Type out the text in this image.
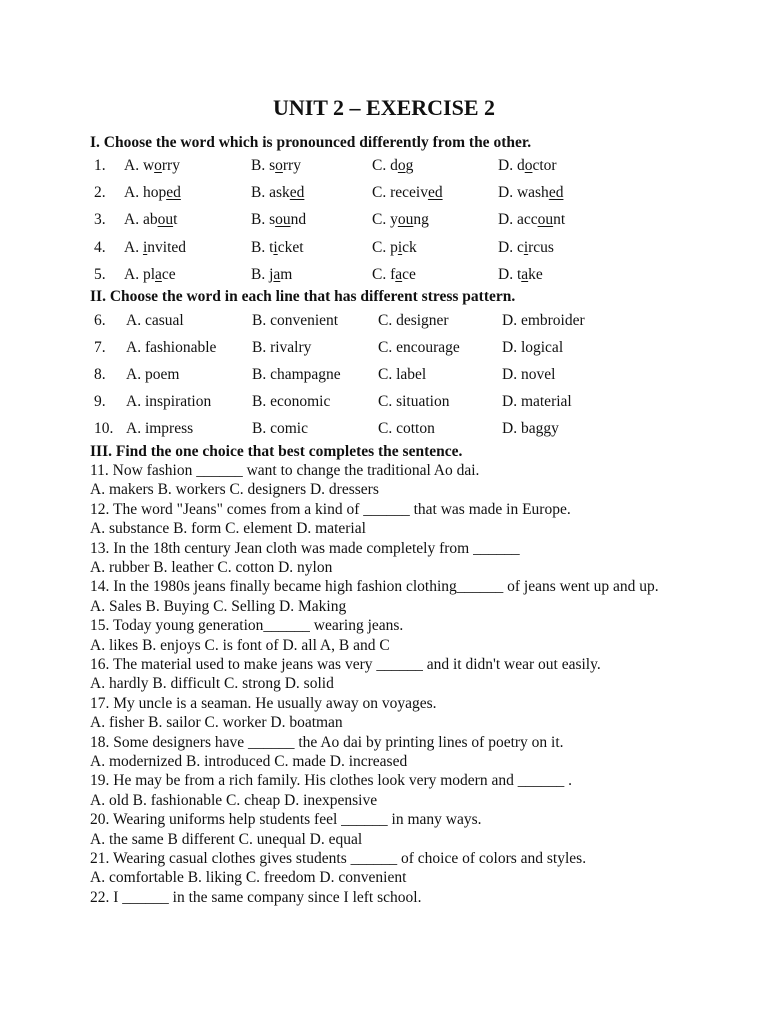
UNIT 2 – EXERCISE 2
I. Choose the word which is pronounced differently from the other.
1. A. worry	B. sorry	C. dog	D. doctor
2. A. hoped	B. asked	C. received	D. washed
3. A. about	B. sound	C. young	D. account
4. A. invited	B. ticket	C. pick	D. circus
5. A. place	B. jam	C. face	D. take
II. Choose the word in each line that has different stress pattern.
6. A. casual	B. convenient	C. designer	D. embroider
7. A. fashionable B. rivalry	C. encourage	D. logical
8. A. poem	B. champagne C. label	D. novel
9. A. inspiration	B. economic	C. situation	D. material
10. A. impress	B. comic	C. cotton	D. baggy
III. Find the one choice that best completes the sentence.
11. Now fashion ______ want to change the traditional Ao dai.
A. makers B. workers C. designers D. dressers
12. The word "Jeans" comes from a kind of ______ that was made in Europe.
A. substance B. form C. element D. material
13. In the 18th century Jean cloth was made completely from ______
A. rubber B. leather C. cotton D. nylon
14. In the 1980s jeans finally became high fashion clothing______ of jeans went up and up.
A. Sales B. Buying C. Selling D. Making
15. Today young generation______ wearing jeans.
A. likes B. enjoys C. is font of D. all A, B and C
16. The material used to make jeans was very ______ and it didn't wear out easily.
A. hardly B. difficult C. strong D. solid
17. My uncle is a seaman. He usually away on voyages.
A. fisher B. sailor C. worker D. boatman
18. Some designers have ______ the Ao dai by printing lines of poetry on it.
A. modernized B. introduced C. made D. increased
19. He may be from a rich family. His clothes look very modern and ______ .
A. old B. fashionable C. cheap D. inexpensive
20. Wearing uniforms help students feel ______ in many ways.
A. the same B different C. unequal D. equal
21. Wearing casual clothes gives students ______ of choice of colors and styles.
A. comfortable B. liking C. freedom D. convenient
22. I ______ in the same company since I left school.
